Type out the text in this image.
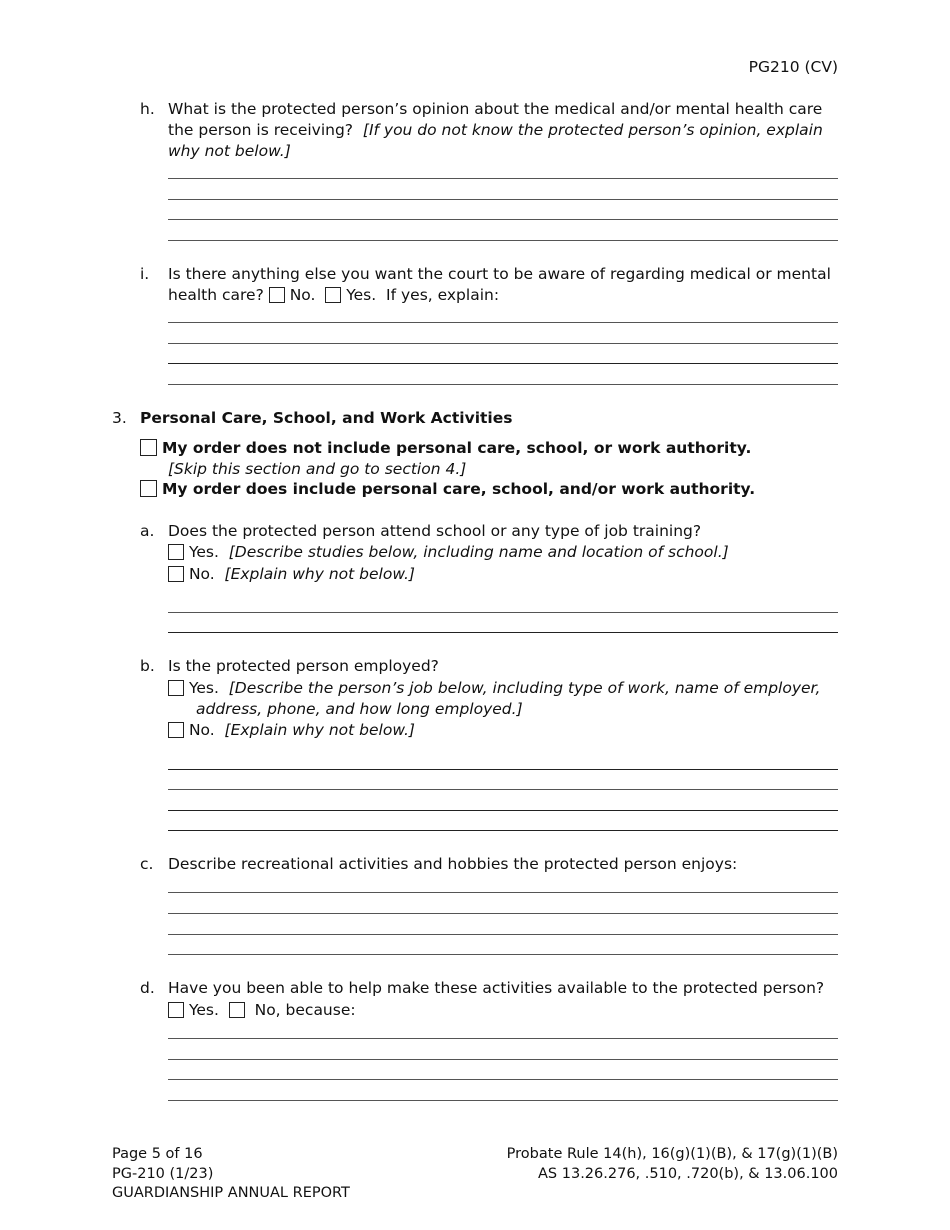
PG210 (CV)
h. What is the protected person’s opinion about the medical and/or mental health care the person is receiving? [If you do not know the protected person’s opinion, explain why not below.]
i. Is there anything else you want the court to be aware of regarding medical or mental
health care? No. Yes. If yes, explain:
3. Personal Care, School, and Work Activities
My order does not include personal care, school, or work authority.
[Skip this section and go to section 4.]
My order does include personal care, school, and/or work authority.
a. Does the protected person attend school or any type of job training?
Yes. [Describe studies below, including name and location of school.]
No. [Explain why not below.]
b. Is the protected person employed?
Yes. [Describe the person’s job below, including type of work, name of employer,
address, phone, and how long employed.]
No. [Explain why not below.]
c. Describe recreational activities and hobbies the protected person enjoys:
d. Have you been able to help make these activities available to the protected person?
Yes. No, because:
Page 5 of 16
PG-210 (1/23)
GUARDIANSHIP ANNUAL REPORT
Probate Rule 14(h), 16(g)(1)(B), & 17(g)(1)(B)
AS 13.26.276, .510, .720(b), & 13.06.100
